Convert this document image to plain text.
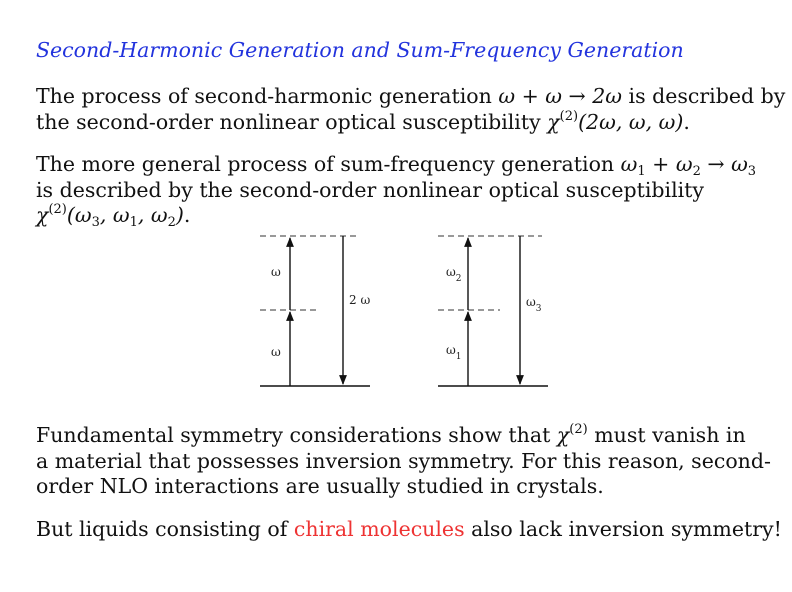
Second-Harmonic Generation and Sum-Frequency Generation
The process of second-harmonic generation ω + ω → 2ω is described by
the second-order nonlinear optical susceptibility $\chi^{(2)}(2\omega$, ω, ω).
The more general process of sum-frequency generation $\omega_1 + \omega_2 \to \omega_3$
is described by the second-order nonlinear optical susceptibility
$\chi^{(2)}(\omega_3$, $\omega_1$, $\omega_2$).
ω
ω
2 ω
$\omega_1$
$\omega_2$
$\omega_3$
Fundamental symmetry considerations show that $\chi^{(2)}$ must vanish in
a material that possesses inversion symmetry. For this reason, second-
order NLO interactions are usually studied in crystals.
But liquids consisting of chiral molecules also lack inversion symmetry!
